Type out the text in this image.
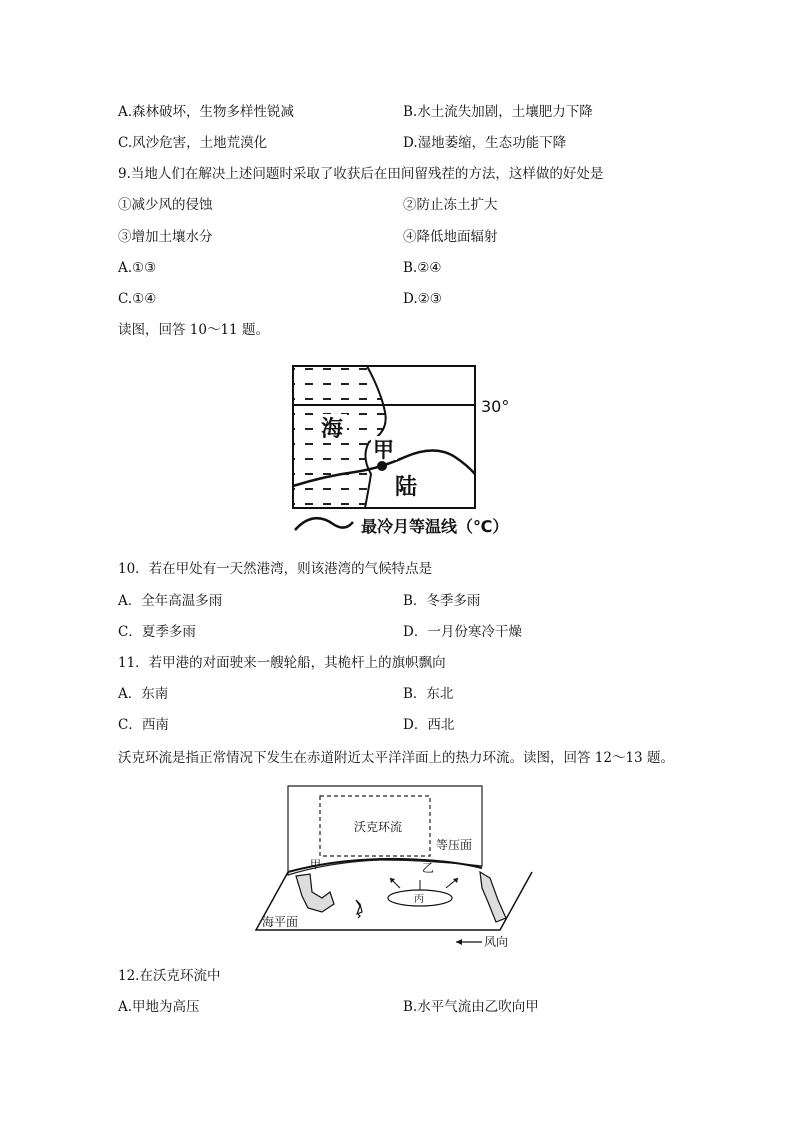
A.森林破坏，生物多样性锐减	B.水土流失加剧，土壤肥力下降
C.风沙危害，土地荒漠化	D.湿地萎缩，生态功能下降
9.当地人们在解决上述问题时采取了收获后在田间留残茬的方法，这样做的好处是
①减少风的侵蚀	②防止冻土扩大
③增加土壤水分	④降低地面辐射
A.①③	B.②④
C.①④	D.②③
读图，回答 10～11 题。
海
甲
陆
30°
最冷月等温线（℃）
10．若在甲处有一天然港湾，则该港湾的气候特点是
A．全年高温多雨	B．冬季多雨
C．夏季多雨	D．一月份寒冷干燥
11．若甲港的对面驶来一艘轮船，其桅杆上的旗帜飘向
A．东南	B．东北
C．西南	D．西北
沃克环流是指正常情况下发生在赤道附近太平洋洋面上的热力环流。读图，回答 12～13 题。
沃克环流
等压面
甲	乙
海平面
丙
风向
12.在沃克环流中
A.甲地为高压	B.水平气流由乙吹向甲
